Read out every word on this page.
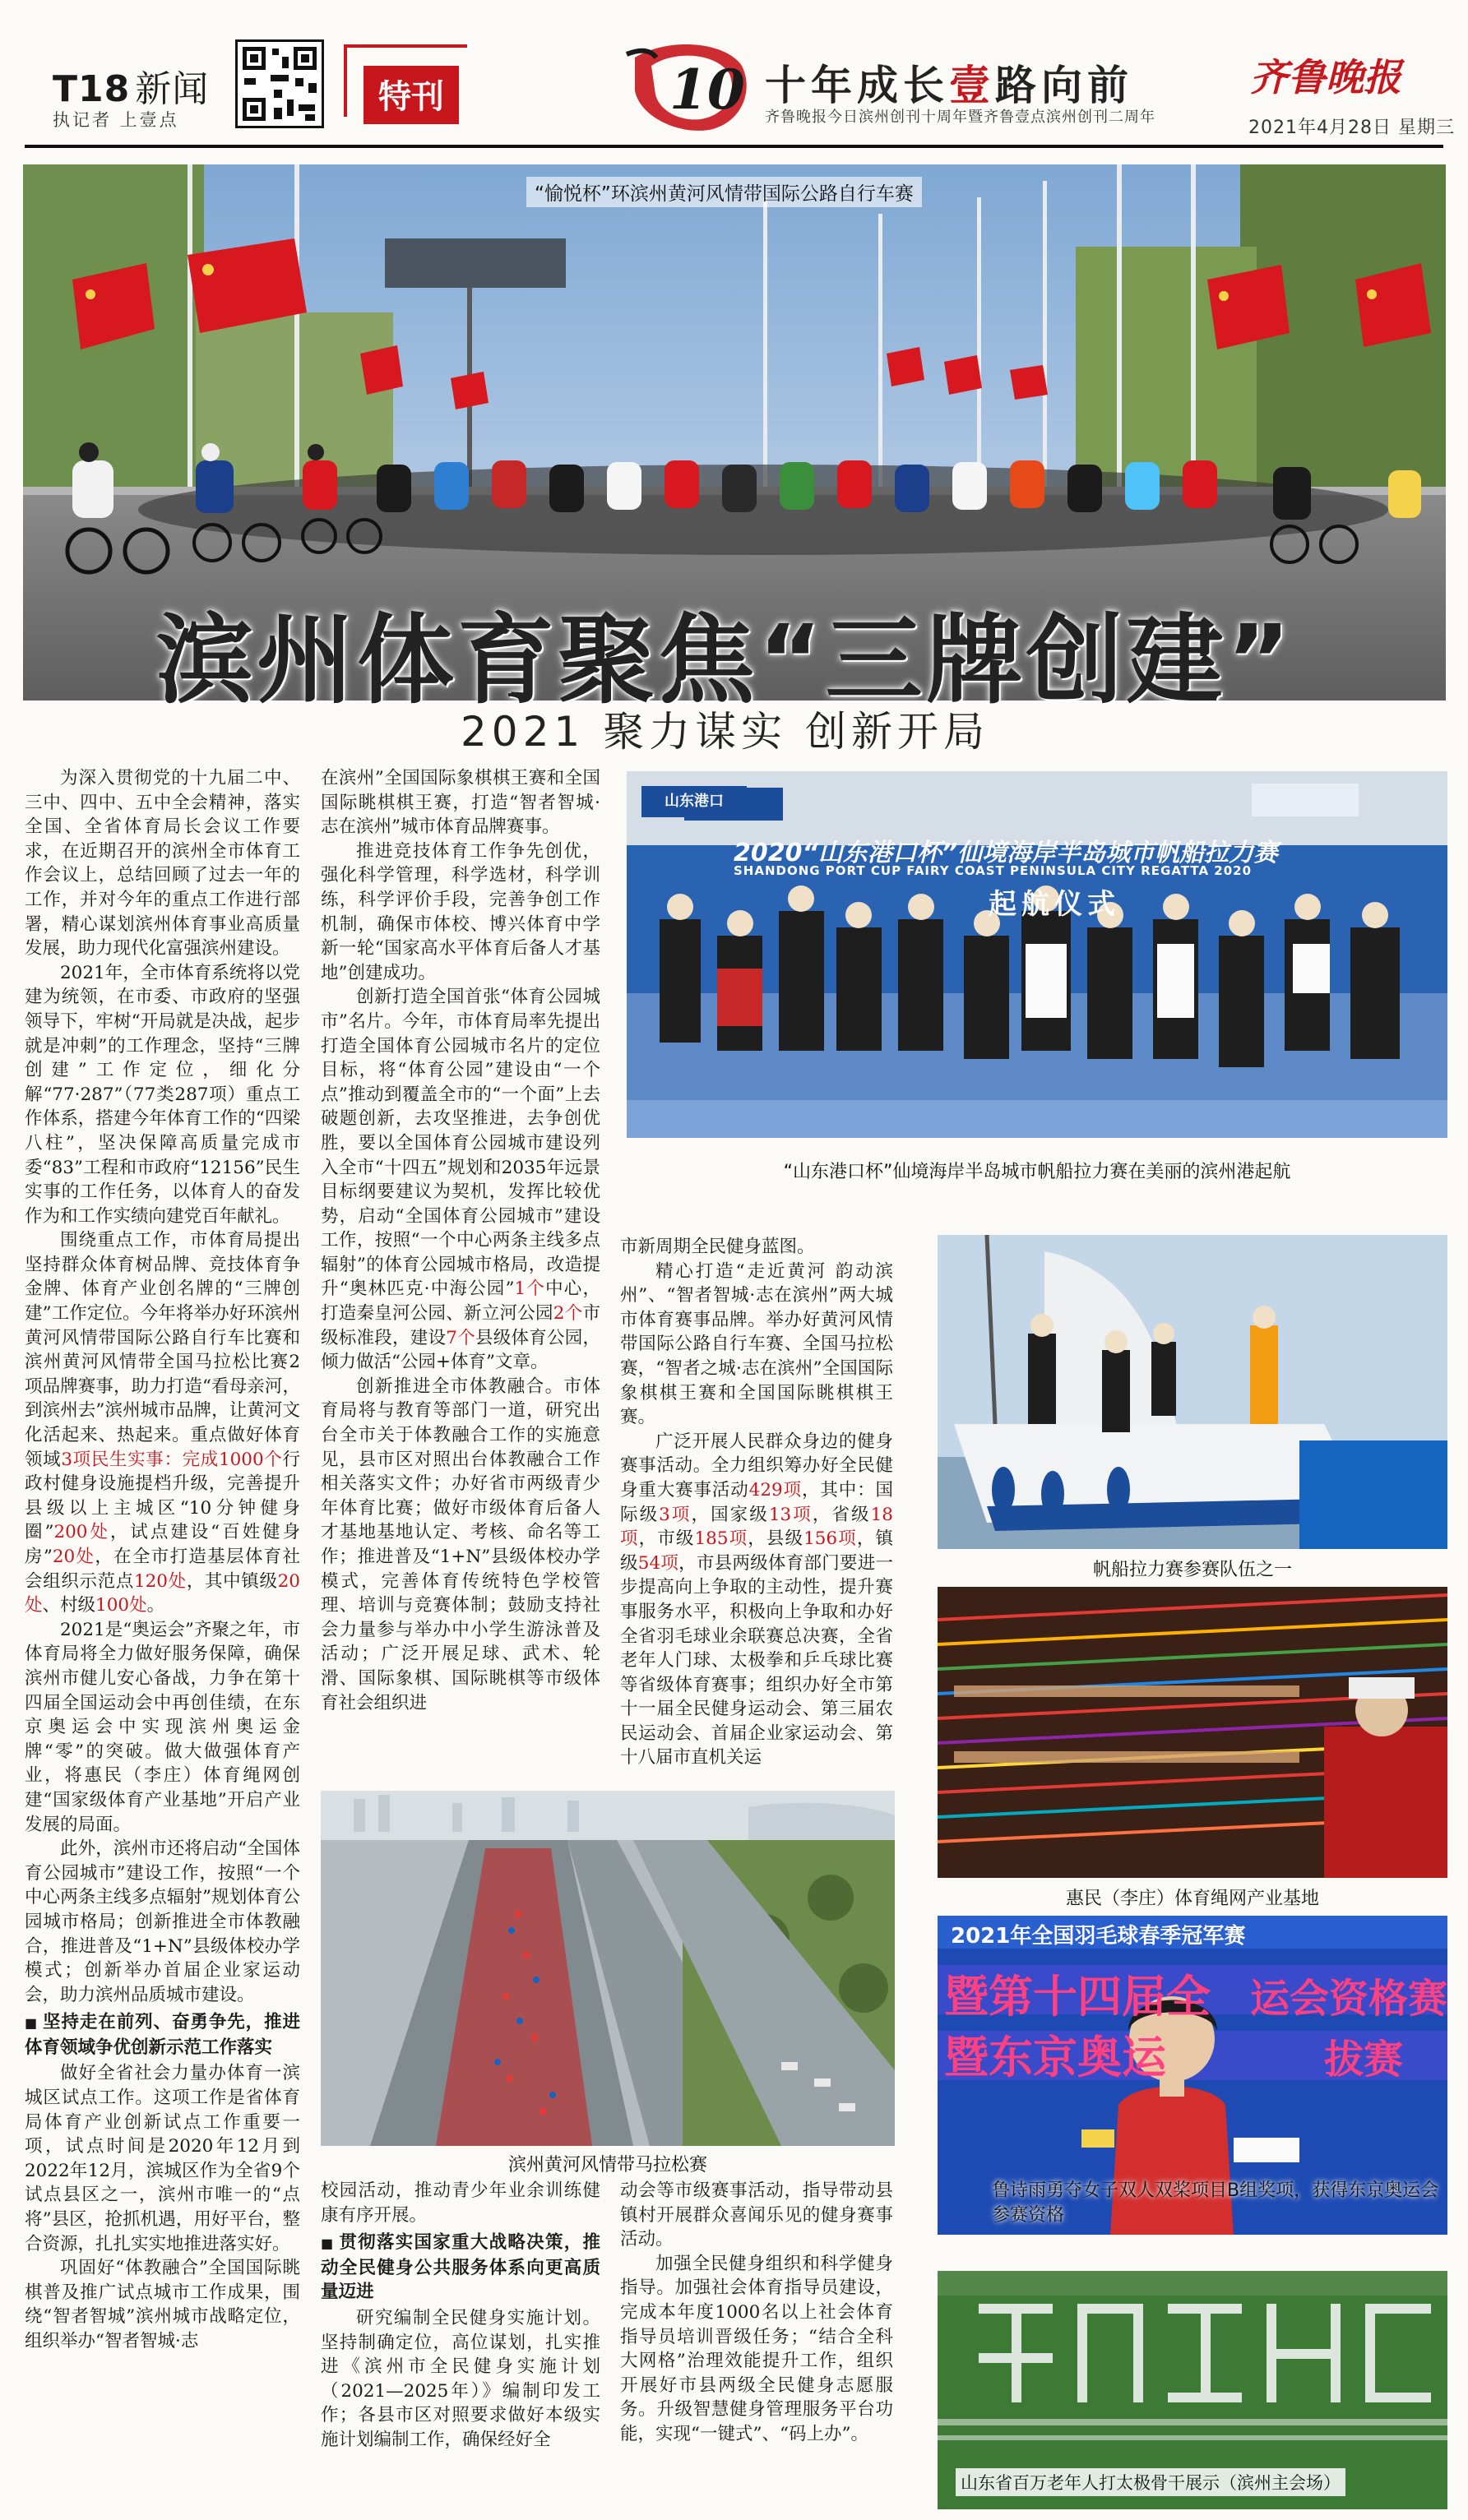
T18 新闻
执记者 上壹点
特刊	10 十年成长壹路向前
齐鲁晚报今日滨州创刊十周年暨齐鲁壹点滨州创刊二周年
齐鲁晚报
2021年4月28日 星期三
“愉悦杯”环滨州黄河风情带国际公路自行车赛
滨州体育聚焦“三牌创建”
2021 聚力谋实 创新开局

为深入贯彻党的十九届二中、三中、四中、五中全会精神，落实全国、全省体育局长会议工作要求，在近期召开的滨州全市体育工作会议上，总结回顾了过去一年的工作，并对今年的重点工作进行部署，精心谋划滨州体育事业高质量发展，助力现代化富强滨州建设。

2021年，全市体育系统将以党建为统领，在市委、市政府的坚强领导下，牢树“开局就是决战，起步就是冲刺”的工作理念，坚持“三牌创建”工作定位，细化分解“77·287”（77类287项）重点工作体系，搭建今年体育工作的“四梁八柱”，坚决保障高质量完成市委“83”工程和市政府“12156”民生实事的工作任务，以体育人的奋发作为和工作实绩向建党百年献礼。

围绕重点工作，市体育局提出坚持群众体育树品牌、竞技体育争金牌、体育产业创名牌的“三牌创建”工作定位。今年将举办好环滨州黄河风情带国际公路自行车比赛和滨州黄河风情带全国马拉松比赛2项品牌赛事，助力打造“看母亲河，到滨州去”滨州城市品牌，让黄河文化活起来、热起来。重点做好体育领域3项民生实事：完成1000个行政村健身设施提档升级，完善提升县级以上主城区“10分钟健身圈”200处，试点建设“百姓健身房”20处，在全市打造基层体育社会组织示范点120处，其中镇级20处、村级100处。

2021是“奥运会”齐聚之年，市体育局将全力做好服务保障，确保滨州市健儿安心备战，力争在第十四届全国运动会中再创佳绩，在东京奥运会中实现滨州奥运金牌“零”的突破。做大做强体育产业，将惠民（李庄）体育绳网创建“国家级体育产业基地”开启产业发展的局面。

此外，滨州市还将启动“全国体育公园城市”建设工作，按照“一个中心两条主线多点辐射”规划体育公园城市格局；创新推进全市体教融合，推进普及“1+N”县级体校办学模式；创新举办首届企业家运动会，助力滨州品质城市建设。

■ 坚持走在前列、奋勇争先，推进体育领域争优创新示范工作落实

做好全省社会力量办体育一滨城区试点工作。这项工作是省体育局体育产业创新试点工作重要一项，试点时间是2020年12月到2022年12月，滨城区作为全省9个试点县区之一，滨州市唯一的“点将”县区，抢抓机遇，用好平台，整合资源，扎扎实实地推进落实好。

巩固好“体教融合”全国国际眺棋普及推广试点城市工作成果，围绕“智者智城”滨州城市战略定位，组织举办“智者智城·志

在滨州”全国国际象棋棋王赛和全国国际眺棋棋王赛，打造“智者智城·志在滨州”城市体育品牌赛事。

推进竞技体育工作争先创优，强化科学管理，科学选材，科学训练，科学评价手段，完善争创工作机制，确保市体校、博兴体育中学新一轮“国家高水平体育后备人才基地”创建成功。

创新打造全国首张“体育公园城市”名片。今年，市体育局率先提出打造全国体育公园城市名片的定位目标，将“体育公园”建设由“一个点”推动到覆盖全市的“一个面”上去破题创新，去攻坚推进，去争创优胜，要以全国体育公园城市建设列入全市“十四五”规划和2035年远景目标纲要建议为契机，发挥比较优势，启动“全国体育公园城市”建设工作，按照“一个中心两条主线多点辐射”的体育公园城市格局，改造提升“奥林匹克·中海公园”1个中心，打造秦皇河公园、新立河公园2个市级标准段，建设7个县级体育公园，倾力做活“公园+体育”文章。

创新推进全市体教融合。市体育局将与教育等部门一道，研究出台全市关于体教融合工作的实施意见，县市区对照出台体教融合工作相关落实文件；办好省市两级青少年体育比赛；做好市级体育后备人才基地基地认定、考核、命名等工作；推进普及“1+N”县级体校办学模式，完善体育传统特色学校管理、培训与竞赛体制；鼓励支持社会力量参与举办中小学生游泳普及活动；广泛开展足球、武术、轮滑、国际象棋、国际眺棋等市级体育社会组织进

市新周期全民健身蓝图。

精心打造“走近黄河 韵动滨州”、“智者智城·志在滨州”两大城市体育赛事品牌。举办好黄河风情带国际公路自行车赛、全国马拉松赛，“智者之城·志在滨州”全国国际象棋棋王赛和全国国际眺棋棋王赛。

广泛开展人民群众身边的健身赛事活动。全力组织筹办好全民健身重大赛事活动429项，其中：国际级3项，国家级13项，省级18项，市级185项，县级156项，镇级54项，市县两级体育部门要进一步提高向上争取的主动性，提升赛事服务水平，积极向上争取和办好全省羽毛球业余联赛总决赛，全省老年人门球、太极拳和乒乓球比赛等省级体育赛事；组织办好全市第十一届全民健身运动会、第三届农民运动会、首届企业家运动会、第十八届市直机关运

校园活动，推动青少年业余训练健康有序开展。

■ 贯彻落实国家重大战略决策，推动全民健身公共服务体系向更高质量迈进

研究编制全民健身实施计划。坚持制确定位，高位谋划，扎实推进《滨州市全民健身实施计划（2021—2025年）》编制印发工作；各县市区对照要求做好本级实施计划编制工作，确保经好全

动会等市级赛事活动，指导带动县镇村开展群众喜闻乐见的健身赛事活动。

加强全民健身组织和科学健身指导。加强社会体育指导员建设，完成本年度1000名以上社会体育指导员培训晋级任务；“结合全科大网格”治理效能提升工作，组织开展好市县两级全民健身志愿服务。升级智慧健身管理服务平台功能，实现“一键式”、“码上办”。

山东港口
2020“山东港口杯”仙境海岸半岛城市帆船拉力赛
SHANDONG PORT CUP FAIRY COAST PENINSULA CITY REGATTA 2020
起航仪式
“山东港口杯”仙境海岸半岛城市帆船拉力赛在美丽的滨州港起航
帆船拉力赛参赛队伍之一
惠民（李庄）体育绳网产业基地
滨州黄河风情带马拉松赛
2021年全国羽毛球春季冠军赛
暨第十四届全 运会资格赛
暨东京奥运	拔赛
鲁诗雨勇夺女子双人双桨项目B组奖项，获得东京奥运会参赛资格
山东省百万老年人打太极骨干展示（滨州主会场）
